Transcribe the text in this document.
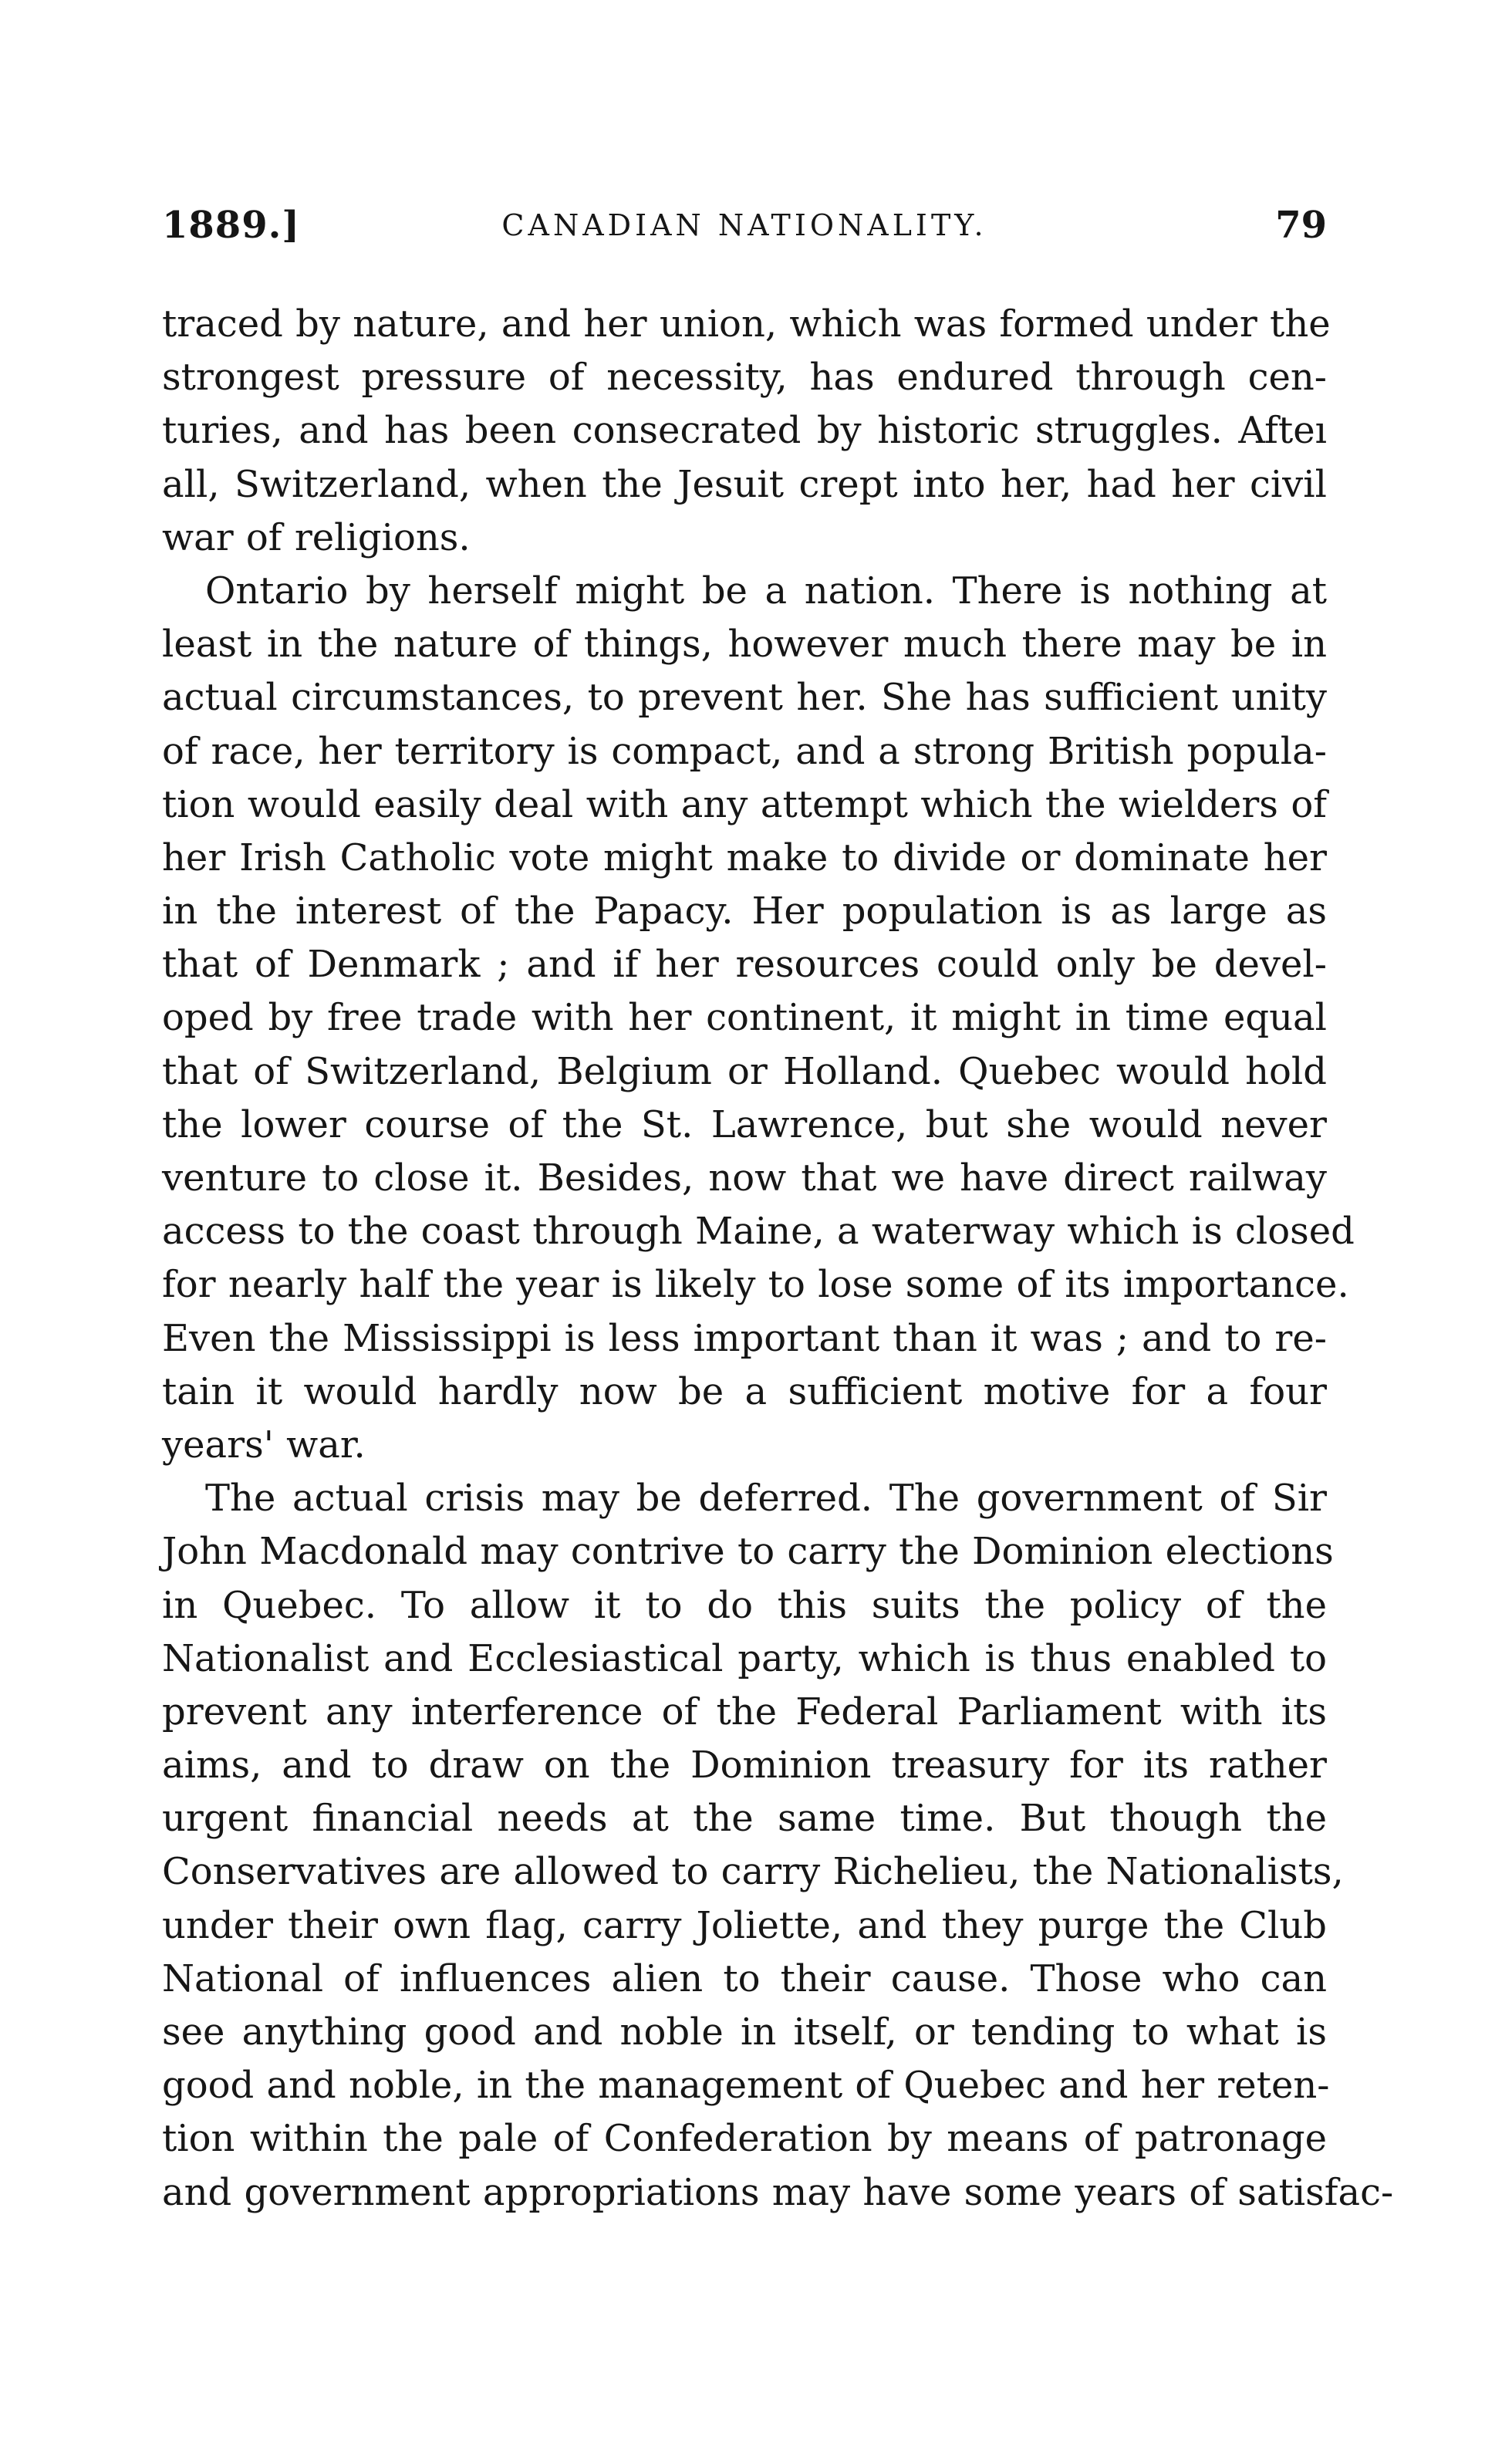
1889.]	CANADIAN NATIONALITY.	79
traced by nature, and her union, which was formed under the
strongest pressure of necessity, has endured through cen-
turies, and has been consecrated by historic struggles. Afteı
all, Switzerland, when the Jesuit crept into her, had her civil
war of religions.
Ontario by herself might be a nation. There is nothing at
least in the nature of things, however much there may be in
actual circumstances, to prevent her. She has sufficient unity
of race, her territory is compact, and a strong British popula-
tion would easily deal with any attempt which the wielders of
her Irish Catholic vote might make to divide or dominate her
in the interest of the Papacy. Her population is as large as
that of Denmark ; and if her resources could only be devel-
oped by free trade with her continent, it might in time equal
that of Switzerland, Belgium or Holland. Quebec would hold
the lower course of the St. Lawrence, but she would never
venture to close it. Besides, now that we have direct railway
access to the coast through Maine, a waterway which is closed
for nearly half the year is likely to lose some of its importance.
Even the Mississippi is less important than it was ; and to re-
tain it would hardly now be a sufficient motive for a four
years' war.
The actual crisis may be deferred. The government of Sir
John Macdonald may contrive to carry the Dominion elections
in Quebec. To allow it to do this suits the policy of the
Nationalist and Ecclesiastical party, which is thus enabled to
prevent any interference of the Federal Parliament with its
aims, and to draw on the Dominion treasury for its rather
urgent financial needs at the same time. But though the
Conservatives are allowed to carry Richelieu, the Nationalists,
under their own flag, carry Joliette, and they purge the Club
National of influences alien to their cause. Those who can
see anything good and noble in itself, or tending to what is
good and noble, in the management of Quebec and her reten-
tion within the pale of Confederation by means of patronage
and government appropriations may have some years of satisfac-
